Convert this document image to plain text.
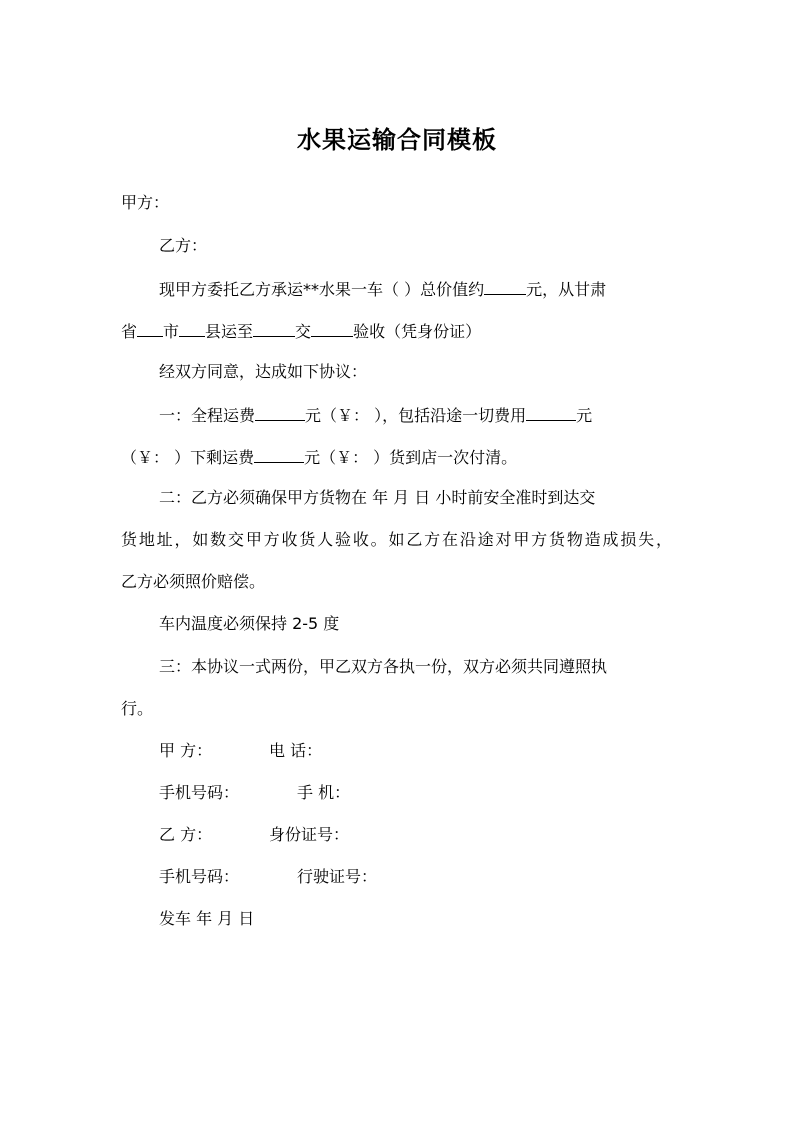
水果运输合同模板
甲方：
乙方：
现甲方委托乙方承运**水果一车（ ）总价值约	元，从甘肃
省 市 县运至	交	验收（凭身份证）
经双方同意，达成如下协议：
一：全程运费	元（￥： ），包括沿途一切费用	元
（￥： ）下剩运费	元（￥： ）货到店一次付清。
二：乙方必须确保甲方货物在 年 月 日 小时前安全准时到达交
货地址，如数交甲方收货人验收。如乙方在沿途对甲方货物造成损失，
乙方必须照价赔偿。
车内温度必须保持 2-5 度
三：本协议一式两份，甲乙双方各执一份，双方必须共同遵照执
行。
甲 方：	电 话：
手机号码：	手 机：
乙 方：	身份证号：
手机号码：	行驶证号：
发车 年 月 日
